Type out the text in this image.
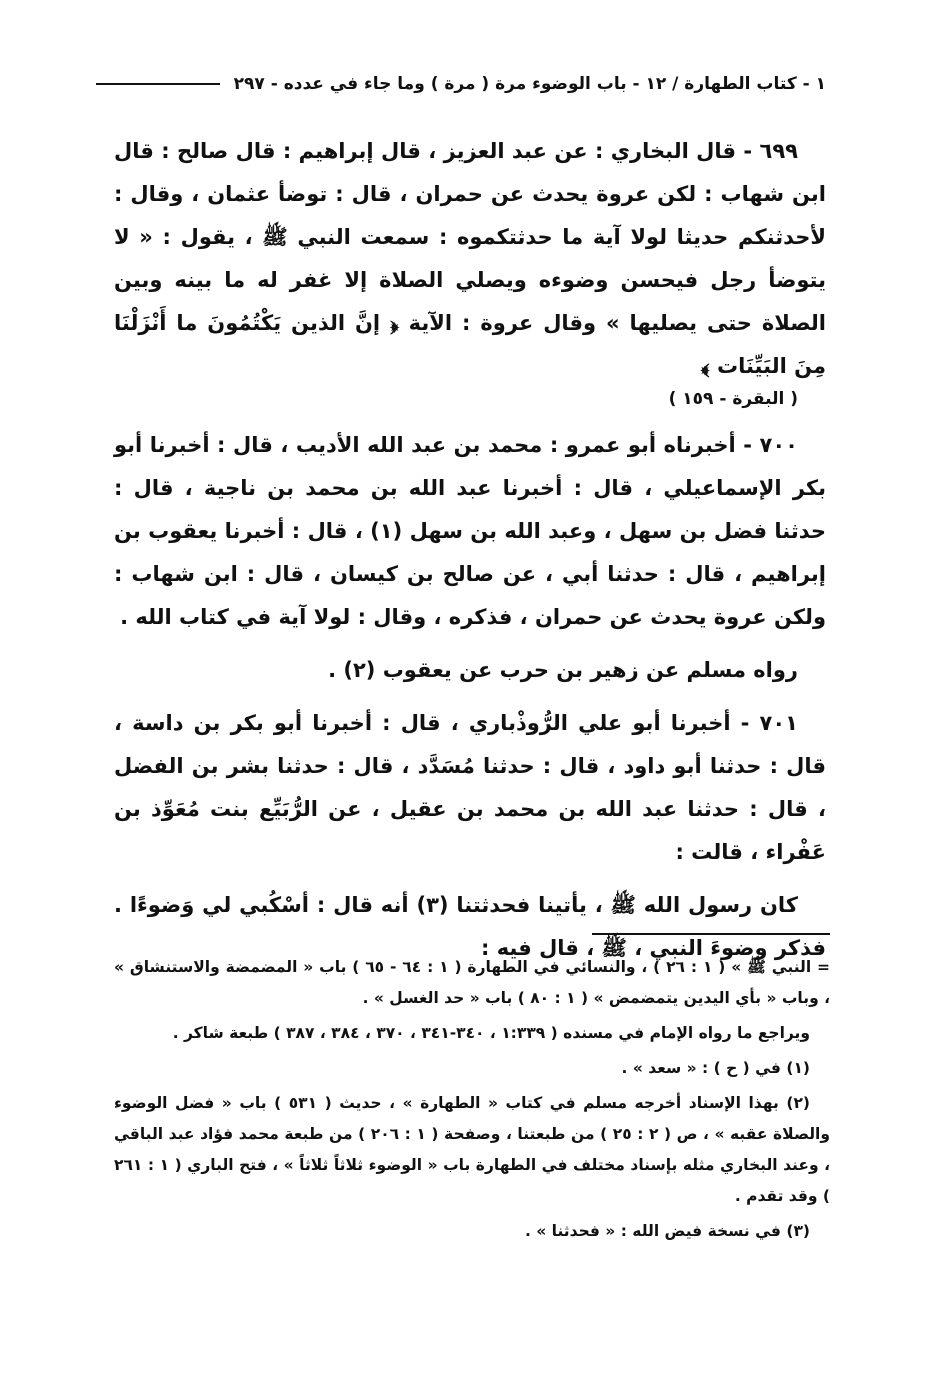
١ - كتاب الطهارة / ١٢ - باب الوضوء مرة ( مرة ) وما جاء في عدده - ٢٩٧

٦٩٩ - قال البخاري : عن عبد العزيز ، قال إبراهيم : قال صالح : قال ابن شهاب : لكن عروة يحدث عن حمران ، قال : توضأ عثمان ، وقال : لأحدثنكم حديثا لولا آية ما حدثتكموه : سمعت النبي ﷺ ، يقول : « لا يتوضأ رجل فيحسن وضوءه ويصلي الصلاة إلا غفر له ما بينه وبين الصلاة حتى يصليها » وقال عروة : الآية ﴿ إنَّ الذين يَكْتُمُونَ ما أَنْزَلْنَا مِنَ البَيِّنَات ﴾
( البقرة - ١٥٩ )

٧٠٠ - أخبرناه أبو عمرو : محمد بن عبد الله الأديب ، قال : أخبرنا أبو بكر الإسماعيلي ، قال : أخبرنا عبد الله بن محمد بن ناجية ، قال : حدثنا فضل بن سهل ، وعبد الله بن سهل (١) ، قال : أخبرنا يعقوب بن إبراهيم ، قال : حدثنا أبي ، عن صالح بن كيسان ، قال : ابن شهاب : ولكن عروة يحدث عن حمران ، فذكره ، وقال : لولا آية في كتاب الله .

رواه مسلم عن زهير بن حرب عن يعقوب (٢) .

٧٠١ - أخبرنا أبو علي الرُّوذْباري ، قال : أخبرنا أبو بكر بن داسة ، قال : حدثنا أبو داود ، قال : حدثنا مُسَدَّد ، قال : حدثنا بشر بن الفضل ، قال : حدثنا عبد الله بن محمد بن عقيل ، عن الرُّبَيِّع بنت مُعَوِّذ بن عَفْراء ، قالت :

كان رسول الله ﷺ ، يأتينا فحدثتنا (٣) أنه قال : أسْكُبي لي وَضوءًا . فذكر وضوءَ النبي ، ﷺ ، قال فيه :

= النبي ﷺ » ( ١ : ٢٦ ) ، والنسائي في الطهارة ( ١ : ٦٤ - ٦٥ ) باب « المضمضة والاستنشاق » ، وباب « بأي اليدين يتمضمض » ( ١ : ٨٠ ) باب « حد الغسل » .

ويراجع ما رواه الإمام في مسنده ( ١:٣٣٩ ، ٣٤٠-٣٤١ ، ٣٧٠ ، ٣٨٤ ، ٣٨٧ ) طبعة شاكر .

(١) في ( ح ) : « سعد » .

(٢) بهذا الإسناد أخرجه مسلم في كتاب « الطهارة » ، حديث ( ٥٣١ ) باب « فضل الوضوء والصلاة عقبه » ، ص ( ٢ : ٢٥ ) من طبعتنا ، وصفحة ( ١ : ٢٠٦ ) من طبعة محمد فؤاد عبد الباقي ، وعند البخاري مثله بإسناد مختلف في الطهارة باب « الوضوء ثلاثاً ثلاثاً » ، فتح الباري ( ١ : ٢٦١ ) وقد تقدم .

(٣) في نسخة فيض الله : « فحدثنا » .
